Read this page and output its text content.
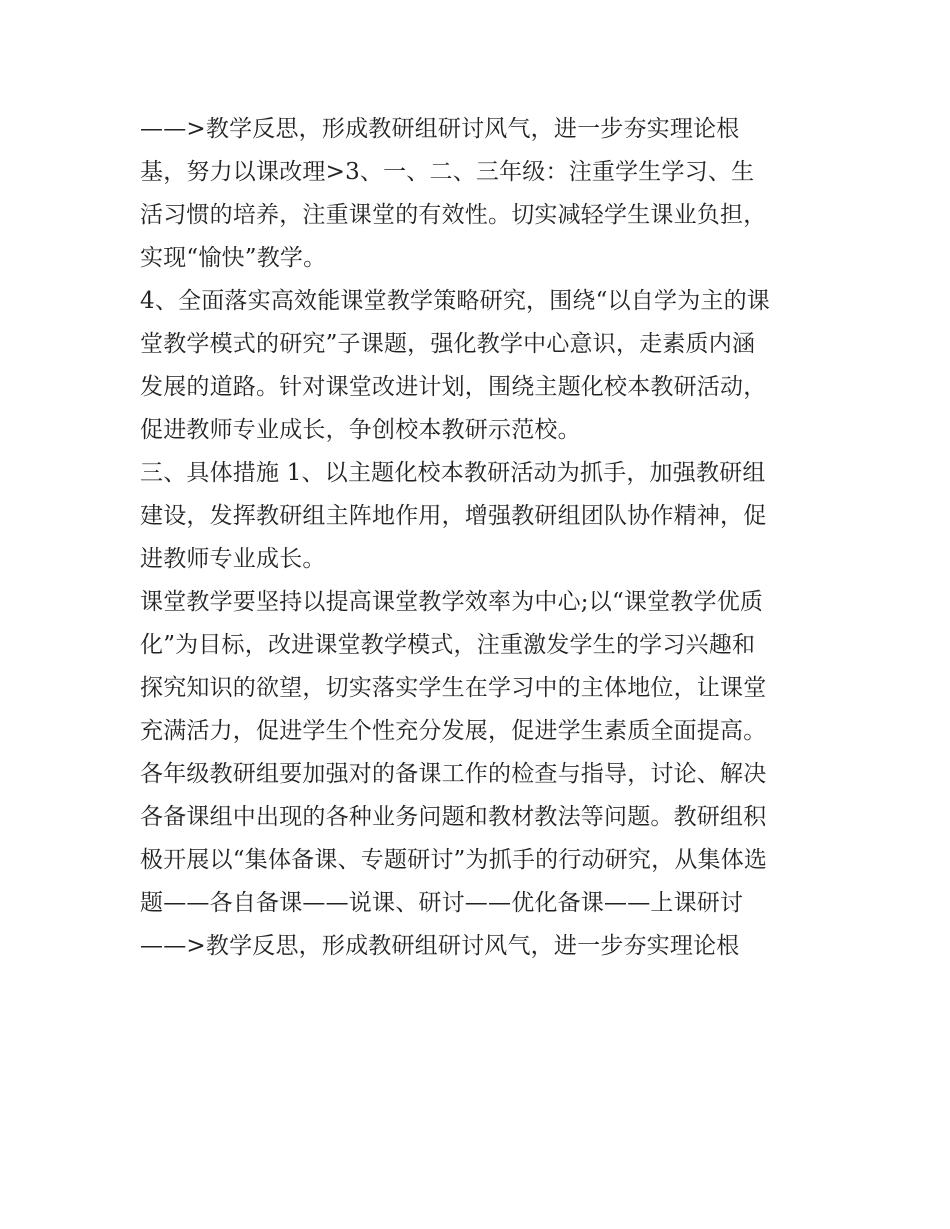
——>教学反思，形成教研组研讨风气，进一步夯实理论根
基，努力以课改理>3、一、二、三年级：注重学生学习、生
活习惯的培养，注重课堂的有效性。切实减轻学生课业负担，
实现“愉快”教学。
4、全面落实高效能课堂教学策略研究，围绕“以自学为主的课
堂教学模式的研究”子课题，强化教学中心意识，走素质内涵
发展的道路。针对课堂改进计划，围绕主题化校本教研活动，
促进教师专业成长，争创校本教研示范校。
三、具体措施 1、以主题化校本教研活动为抓手，加强教研组
建设，发挥教研组主阵地作用，增强教研组团队协作精神，促
进教师专业成长。
课堂教学要坚持以提高课堂教学效率为中心;以“课堂教学优质
化”为目标，改进课堂教学模式，注重激发学生的学习兴趣和
探究知识的欲望，切实落实学生在学习中的主体地位，让课堂
充满活力，促进学生个性充分发展，促进学生素质全面提高。
各年级教研组要加强对的备课工作的检查与指导，讨论、解决
各备课组中出现的各种业务问题和教材教法等问题。教研组积
极开展以“集体备课、专题研讨”为抓手的行动研究，从集体选
题——各自备课——说课、研讨——优化备课——上课研讨
——>教学反思，形成教研组研讨风气，进一步夯实理论根
